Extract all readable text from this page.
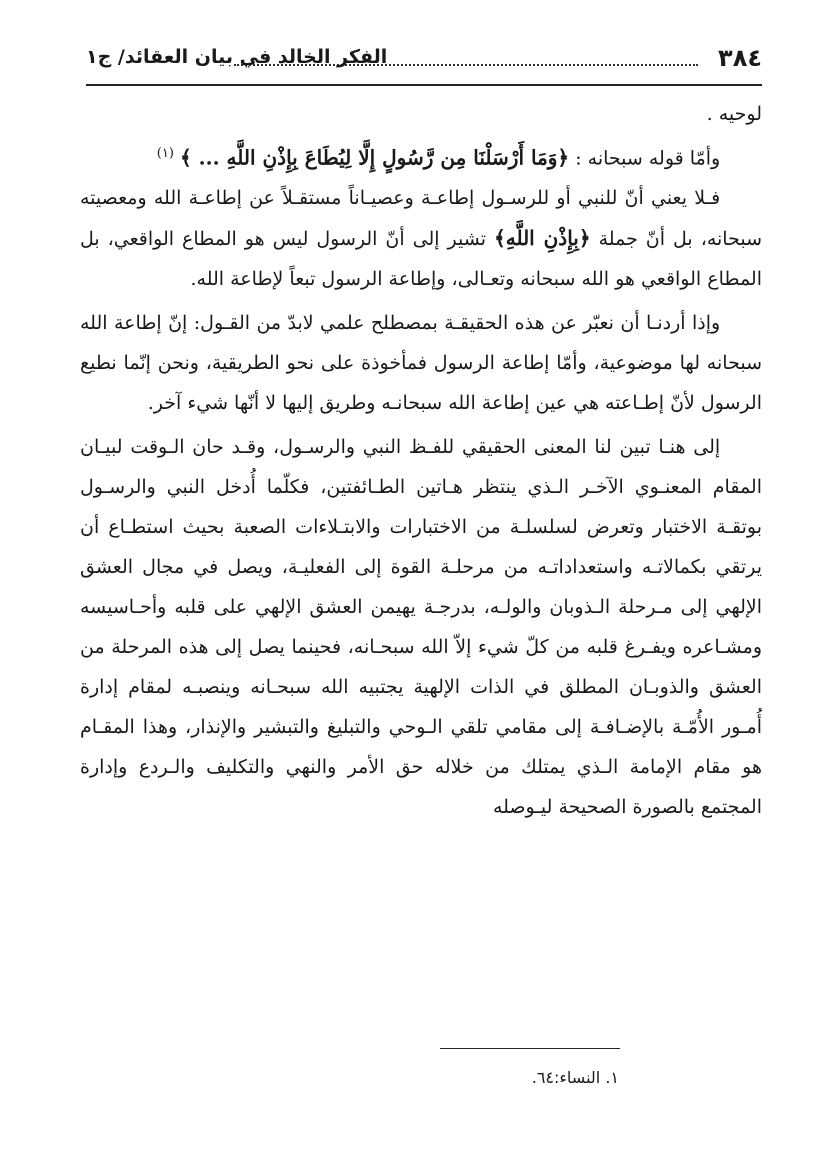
٣٨٤
الفكر الخالد في بيان العقائد/ ج١

لوحيه .

وأمّا قوله سبحانه : ﴿وَمَا أَرْسَلْنَا مِن رَّسُولٍ إِلَّا لِيُطَاعَ بِإِذْنِ اللَّهِ ... ﴾ $^{(١)}$

فـلا يعني أنّ للنبي أو للرسـول إطاعـة وعصيـاناً مستقـلاً عن إطاعـة الله ومعصيته سبحانه، بل أنّ جملة ﴿بِإِذْنِ اللَّهِ﴾ تشير إلى أنّ الرسول ليس هو المطاع الواقعي، بل المطاع الواقعي هو الله سبحانه وتعـالى، وإطاعة الرسول تبعاً لإطاعة الله.

وإذا أردنـا أن نعبّر عن هذه الحقيقـة بمصطلح علمي لابدّ من القـول: إنّ إطاعة الله سبحانه لها موضوعية، وأمّا إطاعة الرسول فمأخوذة على نحو الطريقية، ونحن إنّما نطيع الرسول لأنّ إطـاعته هي عين إطاعة الله سبحانـه وطريق إليها لا أنّها شيء آخر.

إلى هنـا تبين لنا المعنى الحقيقي للفـظ النبي والرسـول، وقـد حان الـوقت لبيـان المقام المعنـوي الآخـر الـذي ينتظر هـاتين الطـائفتين، فكلّما أُدخل النبي والرسـول بوتقـة الاختبار وتعرض لسلسلـة من الاختبارات والابتـلاءات الصعبة بحيث استطـاع أن يرتقي بكمالاتـه واستعداداتـه من مرحلـة القوة إلى الفعليـة، ويصل في مجال العشق الإلهي إلى مـرحلة الـذوبان والولـه، بدرجـة يهيمن العشق الإلهي على قلبه وأحـاسيسه ومشـاعره ويفـرغ قلبه من كلّ شيء إلاّ الله سبحـانه، فحينما يصل إلى هذه المرحلة من العشق والذوبـان المطلق في الذات الإلهية يجتبيه الله سبحـانه وينصبـه لمقام إدارة أُمـور الأُمّـة بالإضـافـة إلى مقامي تلقي الـوحي والتبليغ والتبشير والإنذار، وهذا المقـام هو مقام الإمامة الـذي يمتلك من خلاله حق الأمر والنهي والتكليف والـردع وإدارة المجتمع بالصورة الصحيحة ليـوصله

١. النساء:٦٤.
